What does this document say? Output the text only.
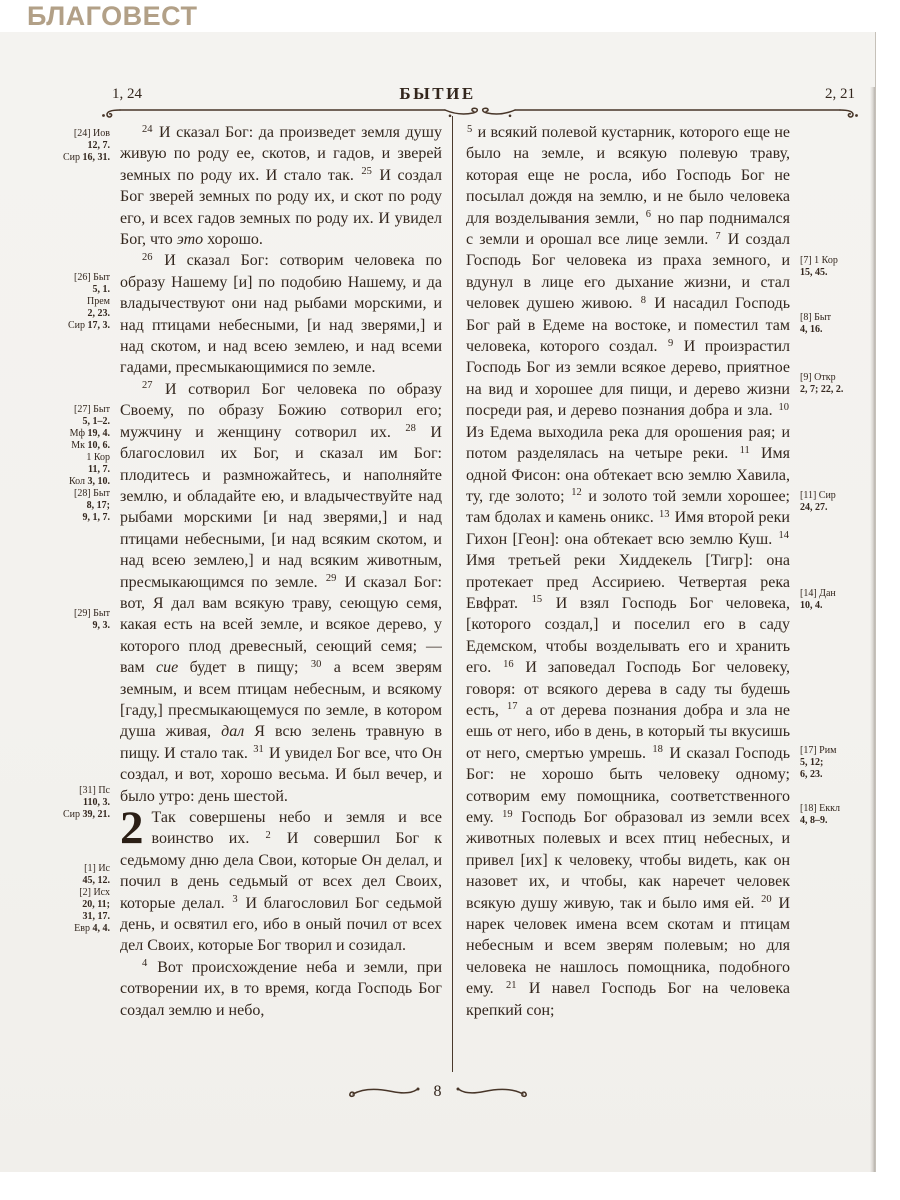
БЛАГОВЕСТ
1, 24	БЫТИЕ	2, 21

$^{24}$ И сказал Бог: да произведет земля душу живую по роду ее, скотов, и гадов, и зверей земных по роду их. И стало так. $^{25}$ И создал Бог зверей земных по роду их, и скот по роду его, и всех гадов земных по роду их. И увидел Бог, что это хорошо.

$^{26}$ И сказал Бог: сотворим человека по образу Нашему [и] по подобию Нашему, и да владычествуют они над рыбами морскими, и над птицами небесными, [и над зверями,] и над скотом, и над всею землею, и над всеми гадами, пресмыкающимися по земле.

$^{27}$ И сотворил Бог человека по образу Своему, по образу Божию сотворил его; мужчину и женщину сотворил их. $^{28}$ И благословил их Бог, и сказал им Бог: плодитесь и размножайтесь, и наполняйте землю, и обладайте ею, и владычествуйте над рыбами морскими [и над зверями,] и над птицами небесными, [и над всяким скотом, и над всею землею,] и над всяким животным, пресмыкающимся по земле. $^{29}$ И сказал Бог: вот, Я дал вам всякую траву, сеющую семя, какая есть на всей земле, и всякое дерево, у которого плод древесный, сеющий семя; — вам сие будет в пищу; $^{30}$ а всем зверям земным, и всем птицам небесным, и всякому [гаду,] пресмыкающемуся по земле, в котором душа живая, дал Я всю зелень травную в пищу. И стало так. $^{31}$ И увидел Бог все, что Он создал, и вот, хорошо весьма. И был вечер, и было утро: день шестой.

2 Так совершены небо и земля и все воинство их. $^2$ И совершил Бог к седьмому дню дела Свои, которые Он делал, и почил в день седьмый от всех дел Своих, которые делал. $^3$ И благословил Бог седьмой день, и освятил его, ибо в оный почил от всех дел Своих, которые Бог творил и созидал.

$^4$ Вот происхождение неба и земли, при сотворении их, в то время, когда Господь Бог создал землю и небо,

$^5$ и всякий полевой кустарник, которого еще не было на земле, и всякую полевую траву, которая еще не росла, ибо Господь Бог не посылал дождя на землю, и не было человека для возделывания земли, $^6$ но пар поднимался с земли и орошал все лице земли. $^7$ И создал Господь Бог человека из праха земного, и вдунул в лице его дыхание жизни, и стал человек душею живою. $^8$ И насадил Господь Бог рай в Едеме на востоке, и поместил там человека, которого создал. $^9$ И произрастил Господь Бог из земли всякое дерево, приятное на вид и хорошее для пищи, и дерево жизни посреди рая, и дерево познания добра и зла. $^{10}$ Из Едема выходила река для орошения рая; и потом разделялась на четыре реки. $^{11}$ Имя одной Фисон: она обтекает всю землю Хавила, ту, где золото; $^{12}$ и золото той земли хорошее; там бдолах и камень оникс. $^{13}$ Имя второй реки Гихон [Геон]: она обтекает всю землю Куш. $^{14}$ Имя третьей реки Хиддекель [Тигр]: она протекает пред Ассириею. Четвертая река Евфрат. $^{15}$ И взял Господь Бог человека, [которого создал,] и поселил его в саду Едемском, чтобы возделывать его и хранить его. $^{16}$ И заповедал Господь Бог человеку, говоря: от всякого дерева в саду ты будешь есть, $^{17}$ а от дерева познания добра и зла не ешь от него, ибо в день, в который ты вкусишь от него, смертью умрешь. $^{18}$ И сказал Господь Бог: не хорошо быть человеку одному; сотворим ему помощника, соответственного ему. $^{19}$ Господь Бог образовал из земли всех животных полевых и всех птиц небесных, и привел [их] к человеку, чтобы видеть, как он назовет их, и чтобы, как наречет человек всякую душу живую, так и было имя ей. $^{20}$ И нарек человек имена всем скотам и птицам небесным и всем зверям полевым; но для человека не нашлось помощника, подобного ему. $^{21}$ И навел Господь Бог на человека крепкий сон;

[24] Иов
12, 7.
Сир 16, 31.
[26] Быт
5, 1.
Прем
2, 23.
Сир 17, 3.
[27] Быт
5, 1–2.
Мф 19, 4.
Мк 10, 6.
1 Кор
11, 7.
Кол 3, 10.
[28] Быт
8, 17;
9, 1, 7.
[29] Быт
9, 3.
[31] Пс
110, 3.
Сир 39, 21.
[1] Ис
45, 12.
[2] Исх
20, 11;
31, 17.
Евр 4, 4.
[7] 1 Кор
15, 45.
[8] Быт
4, 16.
[9] Откр
2, 7; 22, 2.
[11] Сир
24, 27.
[14] Дан
10, 4.
[17] Рим
5, 12;
6, 23.
[18] Еккл
4, 8–9.
8
